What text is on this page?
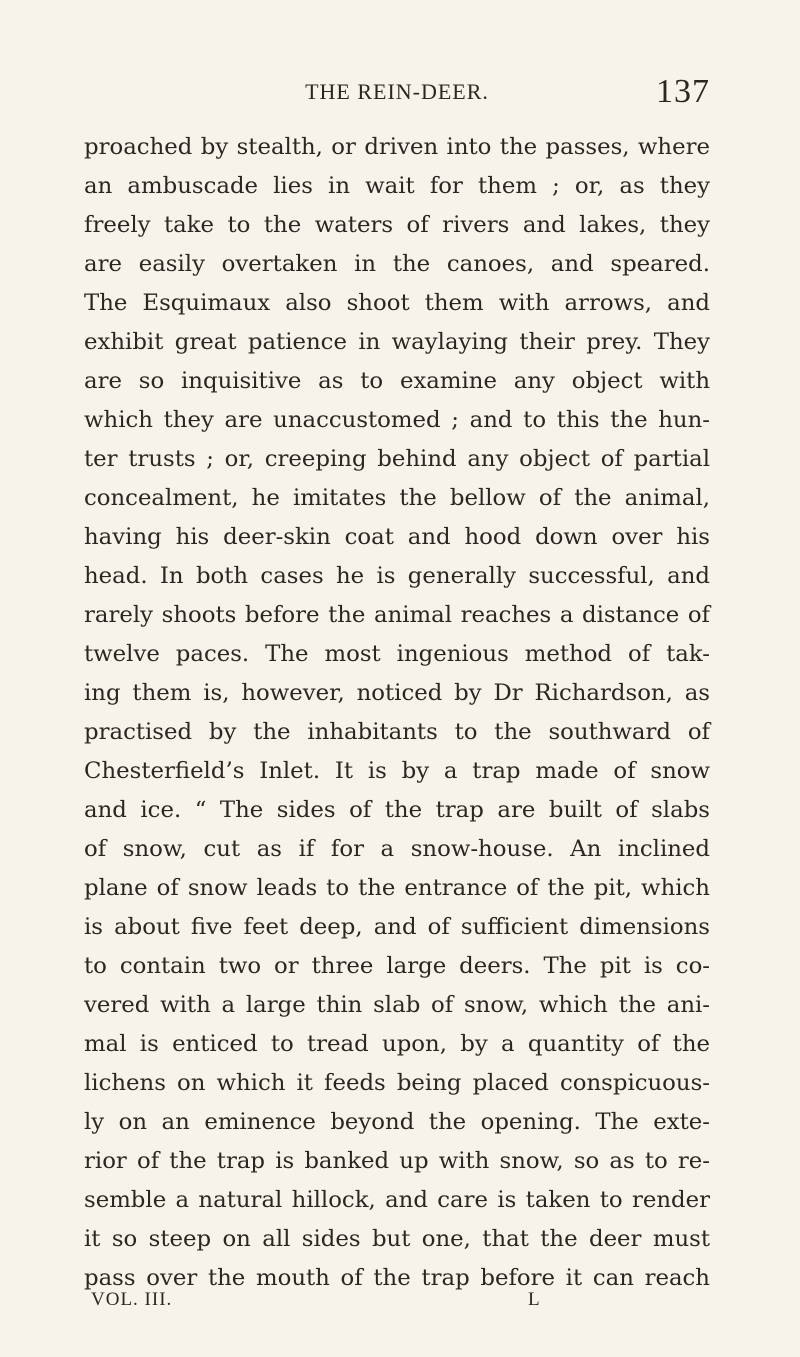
THE REIN-DEER.	137
proached by stealth, or driven into the passes, where
an ambuscade lies in wait for them ; or, as they
freely take to the waters of rivers and lakes, they
are easily overtaken in the canoes, and speared.
The Esquimaux also shoot them with arrows, and
exhibit great patience in waylaying their prey. They
are so inquisitive as to examine any object with
which they are unaccustomed ; and to this the hun-
ter trusts ; or, creeping behind any object of partial
concealment, he imitates the bellow of the animal,
having his deer-skin coat and hood down over his
head. In both cases he is generally successful, and
rarely shoots before the animal reaches a distance of
twelve paces. The most ingenious method of tak-
ing them is, however, noticed by Dr Richardson, as
practised by the inhabitants to the southward of
Chesterfield’s Inlet. It is by a trap made of snow
and ice. “ The sides of the trap are built of slabs
of snow, cut as if for a snow-house. An inclined
plane of snow leads to the entrance of the pit, which
is about five feet deep, and of sufficient dimensions
to contain two or three large deers. The pit is co-
vered with a large thin slab of snow, which the ani-
mal is enticed to tread upon, by a quantity of the
lichens on which it feeds being placed conspicuous-
ly on an eminence beyond the opening. The exte-
rior of the trap is banked up with snow, so as to re-
semble a natural hillock, and care is taken to render
it so steep on all sides but one, that the deer must
pass over the mouth of the trap before it can reach
VOL. III.	L
